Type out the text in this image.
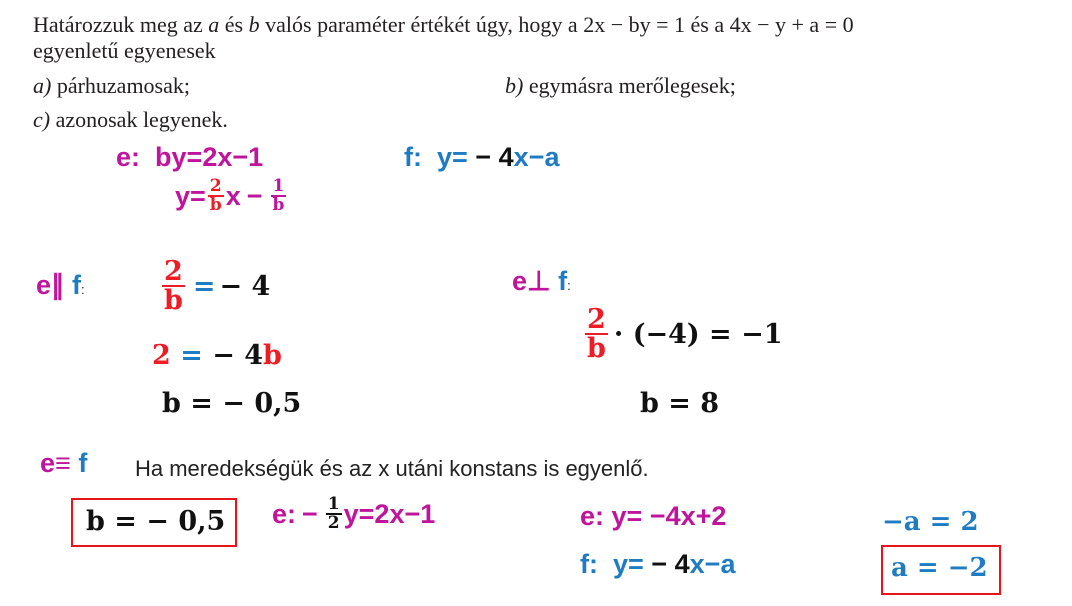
Határozzuk meg az a és b valós paraméter értékét úgy, hogy a 2x − by = 1 és a 4x − y + a = 0
egyenletű egyenesek
a) párhuzamosak;	b) egymásra merőlegesek;
c) azonosak legyenek.
e: by=2x−1
$y = \frac{2}{b}$ $x - \frac{1}{b}$
f: y= − 4x−a
e∥ f:	$\frac{2}{b}$ = − 4
2 = − 4b
b = − 0,5
e⊥ f:
$\frac{2}{b} \cdot (-4) = -1$
b = 8
e≡ f Ha meredekségük és az x utáni konstans is egyenlő.
b = − 0,5 e: − $\frac{1}{2} y=2x-1$	e: y= −4x+2
f: y= − 4x−a
−a = 2
a = −2
